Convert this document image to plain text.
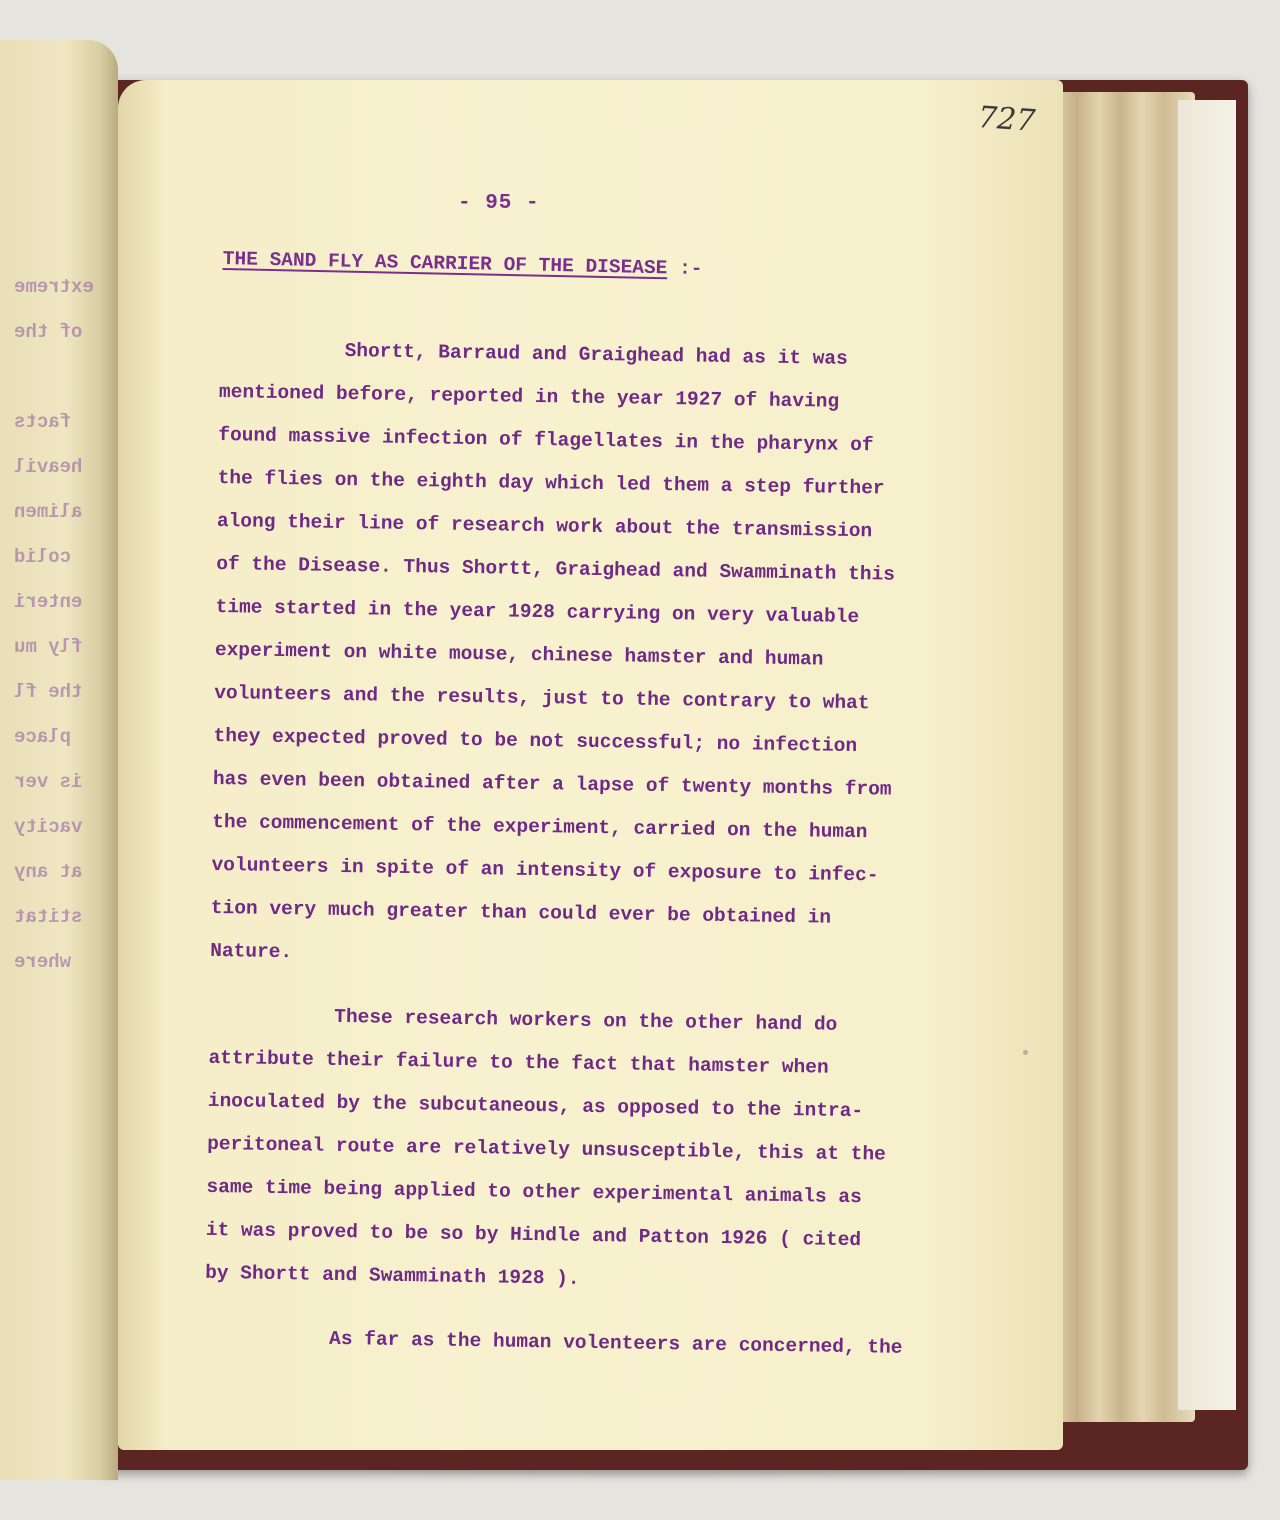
extreme
of the
facts
heavil
alimen
colid
enteri
fly mu
the fl
place
is ver
vacity
at any
stitat
where
727
- 95 -
THE SAND FLY AS CARRIER OF THE DISEASE :-
Shortt, Barraud and Graighead had as it was
mentioned before, reported in the year 1927 of having
found massive infection of flagellates in the pharynx of
the flies on the eighth day which led them a step further
along their line of research work about the transmission
of the Disease. Thus Shortt, Graighead and Swamminath this
time started in the year 1928 carrying on very valuable
experiment on white mouse, chinese hamster and human
volunteers and the results, just to the contrary to what
they expected proved to be not successful; no infection
has even been obtained after a lapse of twenty months from
the commencement of the experiment, carried on the human
volunteers in spite of an intensity of exposure to infec-
tion very much greater than could ever be obtained in
Nature.
These research workers on the other hand do
attribute their failure to the fact that hamster when
inoculated by the subcutaneous, as opposed to the intra-
peritoneal route are relatively unsusceptible, this at the
same time being applied to other experimental animals as
it was proved to be so by Hindle and Patton 1926 ( cited
by Shortt and Swamminath 1928 ).
As far as the human volenteers are concerned, the
